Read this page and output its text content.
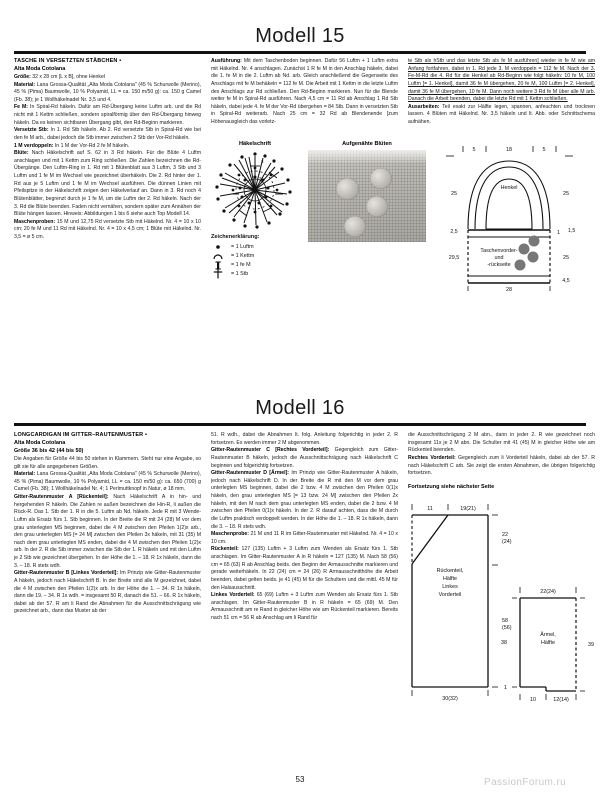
Modell 15
TASCHE IN VERSETZTEN STÄBCHEN •
Alta Moda Cotolana

Größe: 32 x 28 cm [L x B], ohne Henkel

Material: Lana Grossa-Qualität „Alta Moda Cotolana" (45 % Schurwolle (Merino), 45 % (Pima) Baumwolle, 10 % Polyamid, LL = ca. 150 m/50 g): ca. 150 g Camel (Fb. 38); je 1 Wollhäkelnadel Nr. 3,5 und 4.

Fe M: In Spiral-Rd häkeln. Dafür am Rd-Übergang keine Luftm arb. und die Rd nicht mit 1 Kettm schließen, sondern spiralförmig über den Rd-Übergang hinweg häkeln. Da es keinen sichtbaren Übergang gibt, den Rd-Beginn markieren.

Versetzte Stb: In 1. Rd Stb häkeln. Ab 2. Rd versetzte Stb in Spiral-Rd wie bei den fe M arb., dabei jedoch die Stb immer zwischen 2 Stb der Vor-Rd häkeln.

1 M verdoppeln: In 1 M der Vor-Rd 2 fe M häkeln.

Blüte: Nach Häkelschrift auf S. 62 in 3 Rd häkeln. Für die Blüte 4 Luftm anschlagen und mit 1 Kettm zum Ring schließen. Die Zahlen bezeichnen die Rd-Übergänge. Den Luftm-Ring in 1. Rd mit 1 Blütenblatt aus 3 Luftm, 3 Stb und 3 Luftm und 1 fe M im Wechsel wie gezeichnet überhäkeln. Die 2. Rd hinter der 1. Rd aus je 5 Luftm und 1 fe M im Wechsel ausführen. Die dünnen Linien mit Pfeilspitze in der Häkelschrift zeigen den Häkelverlauf an. Dann in 3. Rd noch 4 Blütenblätter, begrenzt durch je 1 fe M, um die Luftm der 2. Rd häkeln. Nach der 3. Rd die Blüte beenden. Faden nicht vernähen, sondern später zum Annähen der Blüte hängen lassen. Hinweis: Abbildungen 1 bis 6 siehe auch Top Modell 14.

Maschenproben: 15 M und 12,75 Rd versetzte Stb mit Häkelnd. Nr. 4 = 10 x 10 cm; 20 fe M und 11 Rd mit Häkelnd. Nr. 4 = 10 x 4,5 cm; 1 Blüte mit Häkelnd. Nr. 3,5 = ø 5 cm.

Ausführung: Mit dem Taschenboden beginnen. Dafür 56 Luftm + 1 Luftm extra mit Häkelnd. Nr. 4 anschlagen. Zunächst 1 R fe M in den Anschlag häkeln, dabei die 1. fe M in die 2. Luftm ab Nd. arb. Gleich anschließend die Gegenseite des Anschlags mit fe M behäkeln = 112 fe M. Die Arbeit mit 1 Kettm in die letzte Luftm des Anschlags zur Rd schließen. Den Rd-Beginn markieren. Nun für die Blende weiter fe M in Spiral-Rd ausführen. Nach 4,5 cm = 11 Rd ab Anschlag 1 Rd Stb häkeln, dabei jede 4. fe M der Vor-Rd übergehen = 84 Stb. Dann in versetzten Stb in Spiral-Rd weiterarb. Nach 25 cm = 32 Rd ab Blendenende [zum Höhenausgleich das vorletz-

Häkelschrift
3
2
Zeichenerklärung:
= 1 Luftm
= 1 Kettm
= 1 fe M
= 1 Stb
Aufgenähte Blüten

te Stb als hStb und das letzte Stb als fe M ausführen] wieder in fe M wie am Anfang fortfahren, dabei in 1. Rd jede 3. M verdoppeln = 112 fe M. Nach der 3. Fe-M-Rd die 4. Rd für die Henkel ab Rd-Beginn wie folgt häkeln: 10 fe M, 100 Luftm [= 1. Henkel], damit 36 fe M übergehen, 20 fe M, 100 Luftm [= 2. Henkel], damit 36 fe M übergehen, 10 fe M. Dann noch weitere 3 Rd fe M über alle M arb. Danach die Arbeit beenden, dabei die letzte Rd mit 1 Kettm schließen.

Ausarbeiten: Teil exakt zur Hälfte legen, spannen, anfeuchten und trocknen lassen. 4 Blüten mit Häkelnd. Nr. 3,5 häkeln und lt. Abb. oder Schnittschema aufnähen.

5	18	5
Henkel
25	25
2,5	1 1,5
29,5	25
4,5
Taschenvorder-
und
-rückseite
28
Modell 16
LONGCARDIGAN IM GITTER–RAUTENMUSTER •
Alta Moda Cotolana
Größe 36 bis 42 (44 bis 50)

Die Angaben für Größe 44 bis 50 stehen in Klammern. Steht nur eine Angabe, so gilt sie für alle angegebenen Größen.

Material: Lana Grossa-Qualität „Alta Moda Cotolana" (45 % Schurwolle (Merino), 45 % (Pima) Baumwolle, 10 % Polyamid, LL = ca. 150 m/50 g): ca. 650 (700) g Camel (Fb. 38); 1 Wollhäkelnadel Nr. 4; 1 Perlmuttknopf in Natur, ø 18 mm.

Gitter-Rautenmuster A [Rückenteil]: Nach Häkelschrift A in hin- und hergehenden R häkeln. Die Zahlen re außen bezeichnen die Hin-R, li außen die Rück-R. Das 1. Stb der 1. R in die 5. Luftm ab Nd. häkeln. Jede R mit 3 Wende-Luftm als Ersatz fürs 1. Stb beginnen. In der Breite die R mit 24 (28) M vor dem grau unterlegten MS beginnen, dabei die 4 M zwischen den Pfeilen 1(2)x arb., den grau unterlegten MS [= 24 M] zwischen den Pfeilen 3x häkeln, mit 31 (35) M nach dem grau unterlegten MS enden, dabei die 4 M zwischen den Pfeilen 1(2)x arb. In der 2. R die Stb immer zwischen die Stb der 1. R häkeln und mit den Luftm je 2 Stb wie gezeichnet übergehen. In der Höhe die 1. – 18. R 1x häkeln, dann die 3. – 18. R stets wdh.

Gitter-Rautenmuster B [Linkes Vorderteil]: Im Prinzip wie Gitter-Rautenmuster A häkeln, jedoch nach Häkelschrift B. In der Breite sind alle M gezeichnet, dabei die 4 M zwischen den Pfeilen 1(2)x arb. In der Höhe die 1. – 34. R 1x häkeln, dann die 19. – 34. R 1x wdh. = insgesamt 50 R, danach die 51. – 66. R 1x häkeln, dabei ab der 57. R am li Rand die Abnahmen für die Ausschnittschrägung wie gezeichnet arb., dann das Muster ab der

51. R wdh., dabei die Abnahmen lt. folg. Anleitung folgerichtig in jeder 2. R fortsetzen. Es werden immer 2 M abgenommen.

Gitter-Rautenmuster C [Rechtes Vorderteil]: Gegengleich zum Gitter-Rautenmuster B häkeln, jedoch die Ausschnittschrägung nach Häkelschrift C beginnen und folgerichtig fortsetzen.

Gitter-Rautenmuster D [Ärmel]: Im Prinzip wie Gitter-Rautenmuster A häkeln, jedoch nach Häkelschrift D. In der Breite die R mit den M vor dem grau unterlegten MS beginnen, dabei die 2 bzw. 4 M zwischen den Pfeilen 0(1)x häkeln, den grau unterlegten MS [= 13 bzw. 24 M] zwischen den Pfeilen 2x häkeln, mit den M nach dem grau unterlegten MS enden, dabei die 2 bzw. 4 M zwischen den Pfeilen 0(1)x häkeln. In der 2. R darauf achten, dass die M durch die Luftm praktisch verdoppelt werden. In der Höhe die 1. – 18. R 1x häkeln, dann die 3. – 18. R stets wdh.

Maschenprobe: 21 M und 11 R im Gitter-Rautenmuster mit Häkelnd. Nr. 4 = 10 x 10 cm.

Rückenteil: 127 (135) Luftm + 3 Luftm zum Wenden als Ersatz fürs 1. Stb anschlagen. Im Gitter-Rautenmuster A in R häkeln = 127 (135) M. Nach 58 (56) cm = 65 (63) R ab Anschlag beids. den Beginn der Armausschnitte markieren und gerade weiterhäkeln. In 22 (24) cm = 24 (26) R Armausschnitthöhe die Arbeit beenden, dabei gelten beids. je 41 (45) M für die Schultern und die mittl. 45 M für den Halsausschnitt.

Linkes Vorderteil: 65 (69) Luftm + 3 Luftm zum Wenden als Ersatz fürs 1. Stb anschlagen. Im Gitter-Rautenmuster B in R häkeln = 65 (69) M. Den Armausschnitt am re Rand in gleicher Höhe wie am Rückenteil markieren. Bereits nach 51 cm = 56 R ab Anschlag am li Rand für

die Ausschnittschrägung 2 M abn., dann in jeder 2. R wie gezeichnet noch insgesamt 11x je 2 M abn. Die Schulter mit 41 (45) M in gleicher Höhe wie am Rückenteil beenden.

Rechtes Vorderteil: Gegengleich zum li Vorderteil häkeln, dabei ab der 57. R nach Häkelschrift C arb. Sie zeigt die ersten Abnahmen, die übrigen folgerichtig fortsetzen.

Fortsetzung siehe nächster Seite
11	19(21)
22
(24)
58
(56)
Rückenteil,
Hälfte
Linkes
Vorderteil
30(32)
22(24)
38
1
39
Ärmel,
Hälfte
10	12(14)
53	PassionForum.ru
